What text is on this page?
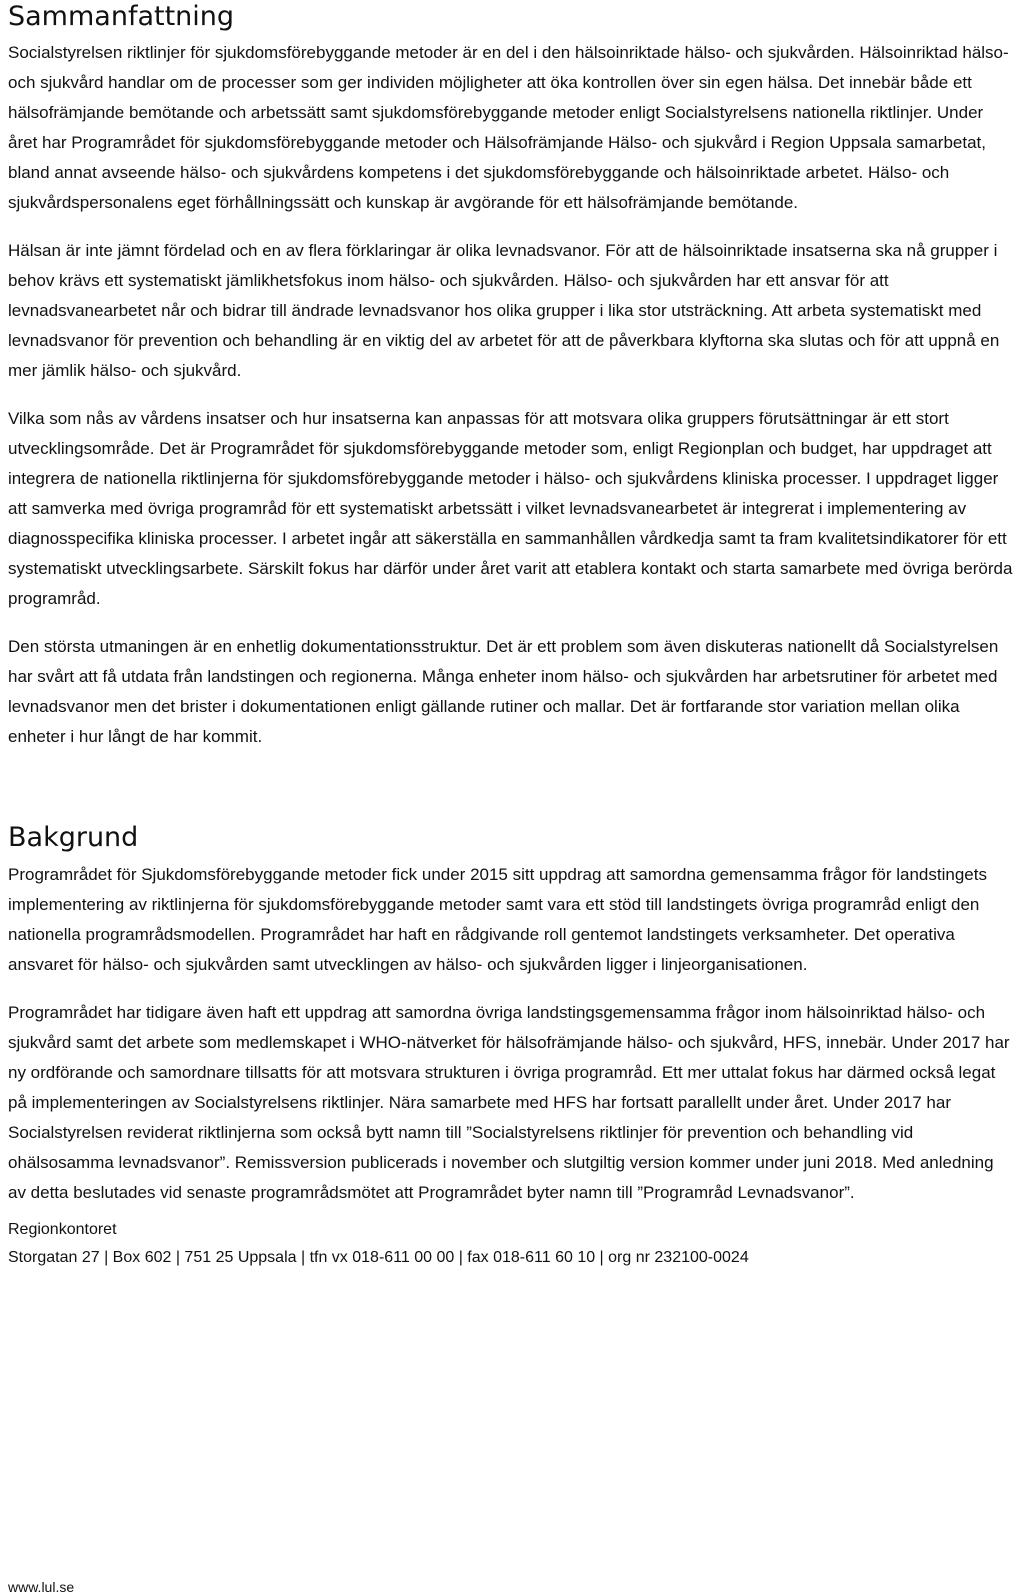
Sammanfattning

Socialstyrelsen riktlinjer för sjukdomsförebyggande metoder är en del i den hälsoinriktade hälso- och sjukvården. Hälsoinriktad hälso- och sjukvård handlar om de processer som ger individen möjligheter att öka kontrollen över sin egen hälsa. Det innebär både ett hälsofrämjande bemötande och arbetssätt samt sjukdomsförebyggande metoder enligt Socialstyrelsens nationella riktlinjer. Under året har Programrådet för sjukdomsförebyggande metoder och Hälsofrämjande Hälso- och sjukvård i Region Uppsala samarbetat, bland annat avseende hälso- och sjukvårdens kompetens i det sjukdomsförebyggande och hälsoinriktade arbetet. Hälso- och sjukvårdspersonalens eget förhållningssätt och kunskap är avgörande för ett hälsofrämjande bemötande.

Hälsan är inte jämnt fördelad och en av flera förklaringar är olika levnadsvanor. För att de hälsoinriktade insatserna ska nå grupper i behov krävs ett systematiskt jämlikhetsfokus inom hälso- och sjukvården. Hälso- och sjukvården har ett ansvar för att levnadsvanearbetet når och bidrar till ändrade levnadsvanor hos olika grupper i lika stor utsträckning. Att arbeta systematiskt med levnadsvanor för prevention och behandling är en viktig del av arbetet för att de påverkbara klyftorna ska slutas och för att uppnå en mer jämlik hälso- och sjukvård.

Vilka som nås av vårdens insatser och hur insatserna kan anpassas för att motsvara olika gruppers förutsättningar är ett stort utvecklingsområde. Det är Programrådet för sjukdomsförebyggande metoder som, enligt Regionplan och budget, har uppdraget att integrera de nationella riktlinjerna för sjukdomsförebyggande metoder i hälso- och sjukvårdens kliniska processer. I uppdraget ligger att samverka med övriga programråd för ett systematiskt arbetssätt i vilket levnadsvanearbetet är integrerat i implementering av diagnosspecifika kliniska processer. I arbetet ingår att säkerställa en sammanhållen vårdkedja samt ta fram kvalitetsindikatorer för ett systematiskt utvecklingsarbete. Särskilt fokus har därför under året varit att etablera kontakt och starta samarbete med övriga berörda programråd.

Den största utmaningen är en enhetlig dokumentationsstruktur. Det är ett problem som även diskuteras nationellt då Socialstyrelsen har svårt att få utdata från landstingen och regionerna. Många enheter inom hälso- och sjukvården har arbetsrutiner för arbetet med levnadsvanor men det brister i dokumentationen enligt gällande rutiner och mallar. Det är fortfarande stor variation mellan olika enheter i hur långt de har kommit.

Bakgrund

Programrådet för Sjukdomsförebyggande metoder fick under 2015 sitt uppdrag att samordna gemensamma frågor för landstingets implementering av riktlinjerna för sjukdomsförebyggande metoder samt vara ett stöd till landstingets övriga programråd enligt den nationella programrådsmodellen. Programrådet har haft en rådgivande roll gentemot landstingets verksamheter. Det operativa ansvaret för hälso- och sjukvården samt utvecklingen av hälso- och sjukvården ligger i linjeorganisationen.

Programrådet har tidigare även haft ett uppdrag att samordna övriga landstingsgemensamma frågor inom hälsoinriktad hälso- och sjukvård samt det arbete som medlemskapet i WHO-nätverket för hälsofrämjande hälso- och sjukvård, HFS, innebär. Under 2017 har ny ordförande och samordnare tillsatts för att motsvara strukturen i övriga programråd. Ett mer uttalat fokus har därmed också legat på implementeringen av Socialstyrelsens riktlinjer. Nära samarbete med HFS har fortsatt parallellt under året. Under 2017 har Socialstyrelsen reviderat riktlinjerna som också bytt namn till ”Socialstyrelsens riktlinjer för prevention och behandling vid ohälsosamma levnadsvanor”. Remissversion publicerads i november och slutgiltig version kommer under juni 2018. Med anledning av detta beslutades vid senaste programrådsmötet att Programrådet byter namn till ”Programråd Levnadsvanor”.

Regionkontoret
Storgatan 27 | Box 602 | 751 25 Uppsala | tfn vx 018-611 00 00 | fax 018-611 60 10 | org nr 232100-0024
www.lul.se
